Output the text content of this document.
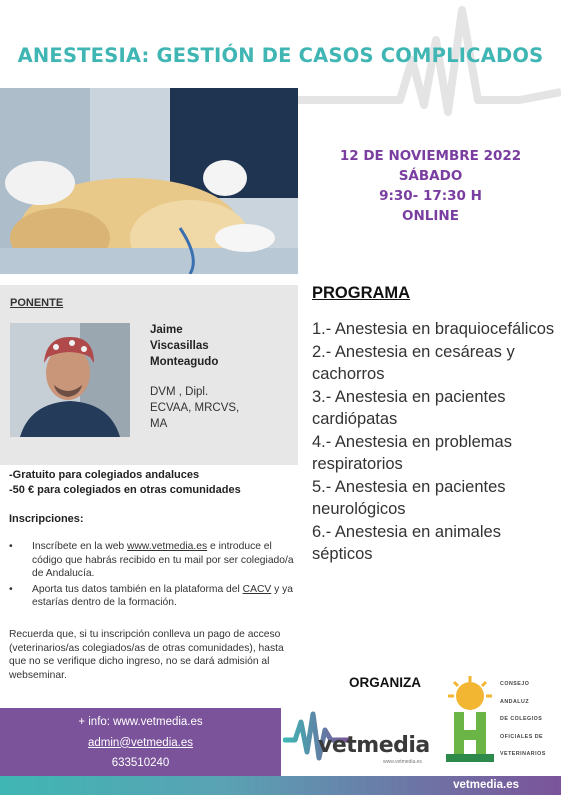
ANESTESIA: GESTIÓN DE CASOS COMPLICADOS
12 DE NOVIEMBRE 2022
SÁBADO
9:30- 17:30 H
ONLINE
PONENTE
Jaime
Viscasillas
Monteagudo
DVM , Dipl.
ECVAA, MRCVS,
MA
-Gratuito para colegiados andaluces
-50 € para colegiados en otras comunidades
Inscripciones:
• Inscríbete en la web www.vetmedia.es e introduce el código que habrás recibido en tu mail por ser colegiado/a de Andalucía.
• Aporta tus datos también en la plataforma del CACV y ya estarías dentro de la formación.
Recuerda que, si tu inscripción conlleva un pago de acceso (veterinarios/as colegiados/as de otras comunidades), hasta que no se verifique dicho ingreso, no se dará admisión al webseminar.
PROGRAMA
1.- Anestesia en braquiocefálicos
2.- Anestesia en cesáreas y cachorros
3.- Anestesia en pacientes cardiópatas
4.- Anestesia en problemas respiratorios
5.- Anestesia en pacientes neurológicos
6.- Anestesia en animales sépticos
ORGANIZA
+ info: www.vetmedia.es
admin@vetmedia.es
633510240
vetmedia
www.vetmedia.es
CONSEJO
ANDALUZ
DE COLEGIOS
OFICIALES DE
VETERINARIOS
vetmedia.es
